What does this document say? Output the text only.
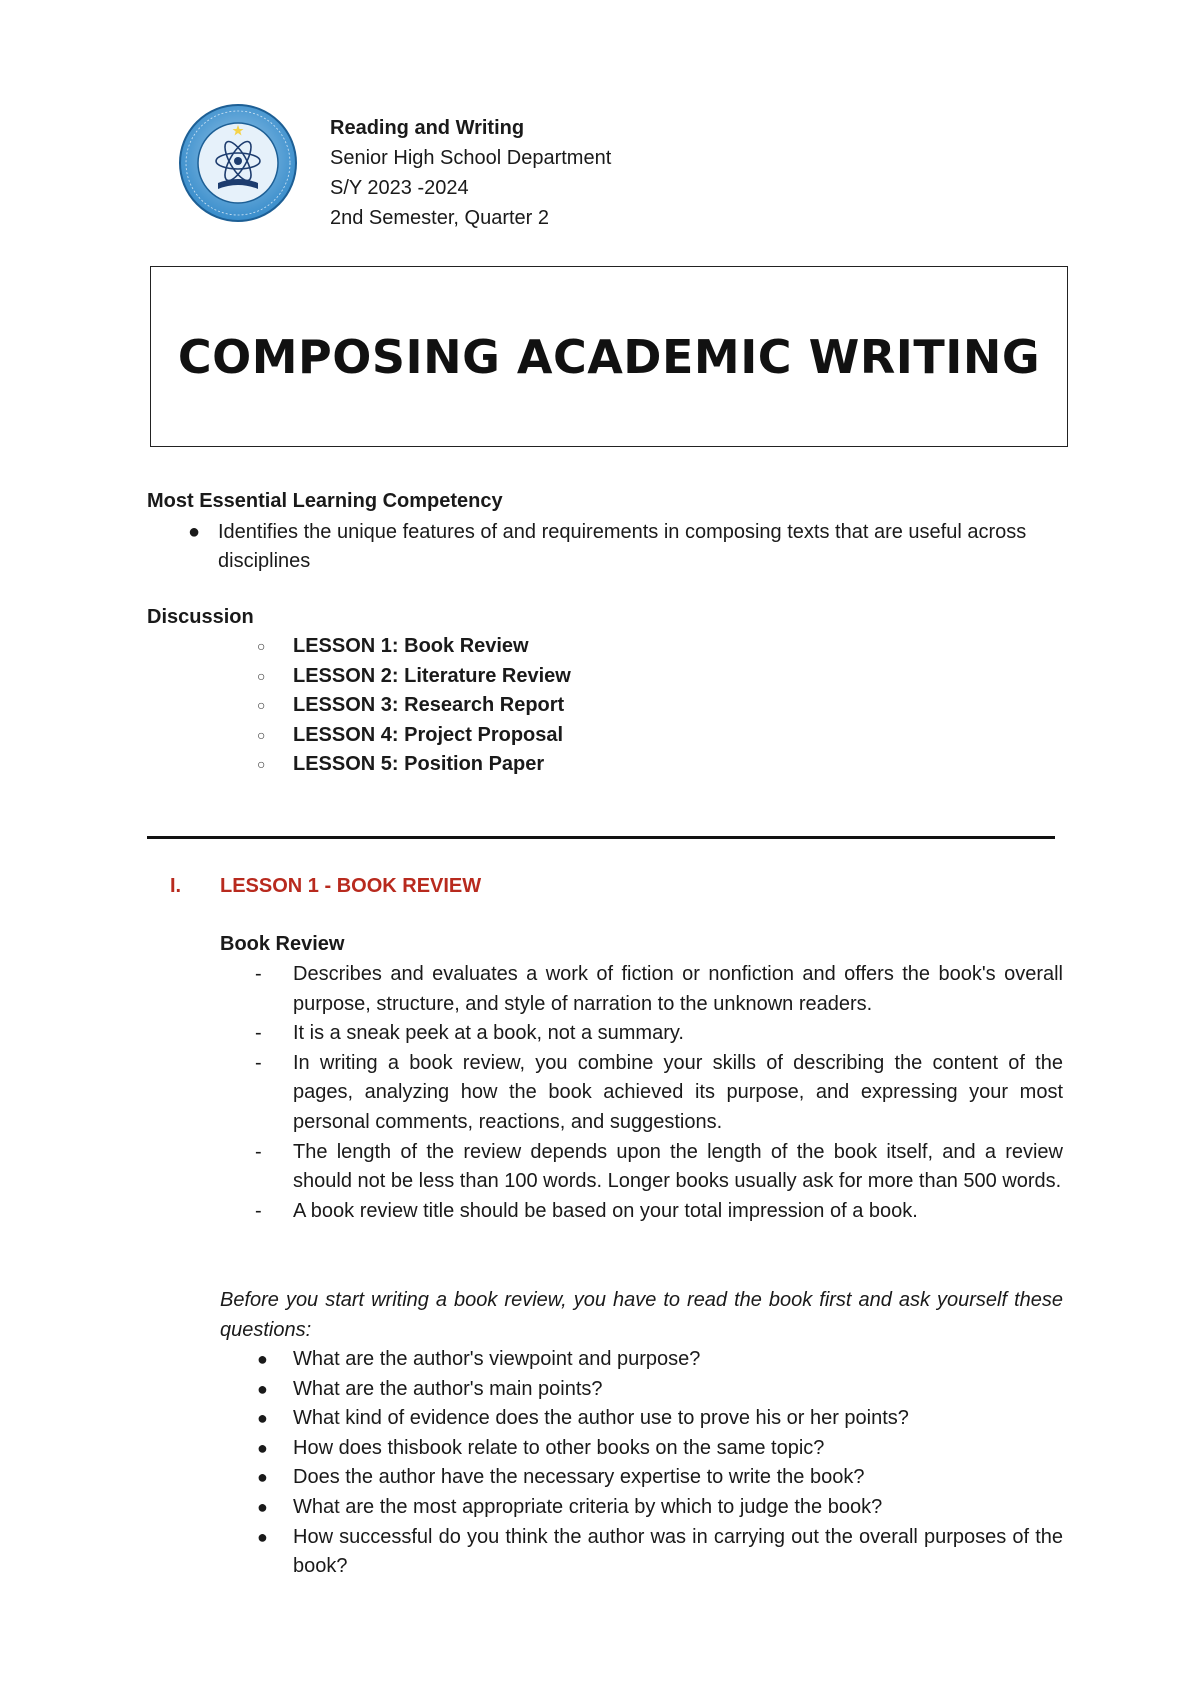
Reading and Writing
Senior High School Department
S/Y 2023 -2024
2nd Semester, Quarter 2
COMPOSING ACADEMIC WRITING
Most Essential Learning Competency
● Identifies the unique features of and requirements in composing texts that are useful across disciplines
Discussion
○ LESSON 1: Book Review
○ LESSON 2: Literature Review
○ LESSON 3: Research Report
○ LESSON 4: Project Proposal
○ LESSON 5: Position Paper
I. LESSON 1 - BOOK REVIEW
Book Review
- Describes and evaluates a work of fiction or nonfiction and offers the book's overall purpose, structure, and style of narration to the unknown readers.
- It is a sneak peek at a book, not a summary.
- In writing a book review, you combine your skills of describing the content of the pages, analyzing how the book achieved its purpose, and expressing your most personal comments, reactions, and suggestions.
- The length of the review depends upon the length of the book itself, and a review should not be less than 100 words. Longer books usually ask for more than 500 words.
- A book review title should be based on your total impression of a book.
Before you start writing a book review, you have to read the book first and ask yourself these questions:
● What are the author's viewpoint and purpose?
● What are the author's main points?
● What kind of evidence does the author use to prove his or her points?
● How does thisbook relate to other books on the same topic?
● Does the author have the necessary expertise to write the book?
● What are the most appropriate criteria by which to judge the book?
● How successful do you think the author was in carrying out the overall purposes of the book?
